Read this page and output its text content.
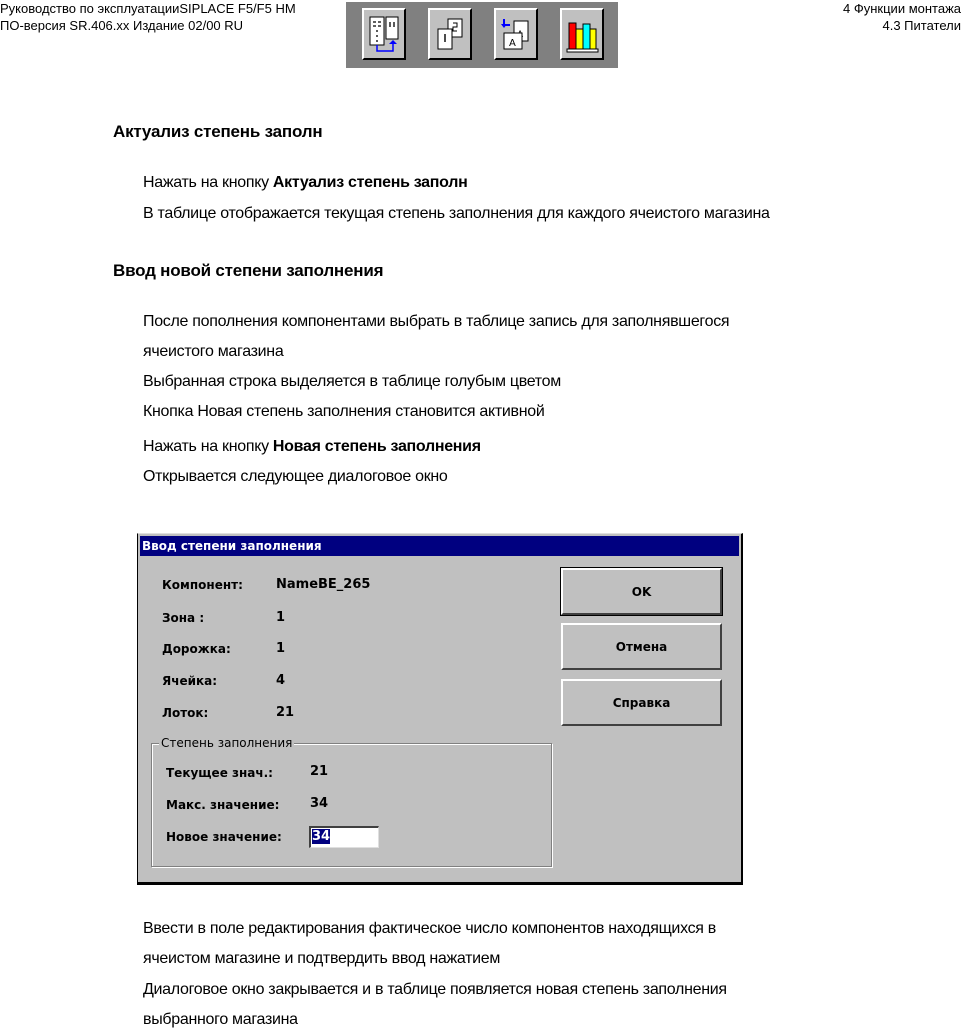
Руководство по эксплуатацииSIPLACE F5/F5 HM
ПО-версия SR.406.xx Издание 02/00 RU
4 Функции монтажа
4.3 Питатели
A
Актуализ степень заполн
Нажать на кнопку Актуализ степень заполн
В таблице отображается текущая степень заполнения для каждого ячеистого магазина
Ввод новой степени заполнения
После пополнения компонентами выбрать в таблице запись для заполнявшегося
ячеистого магазина
Выбранная строка выделяется в таблице голубым цветом
Кнопка Новая степень заполнения становится активной
Нажать на кнопку Новая степень заполнения
Открывается следующее диалоговое окно
Ввод степени заполнения
Компонент:	NameBE_265
Зона :	1
Дорожка:	1
Ячейка:	4
Лоток:	21
Степень заполнения
Текущее знач.:	21
Макс. значение: 34
Новое значение: 34
OK
Отмена
Справка
Ввести в поле редактирования фактическое число компонентов находящихся в
ячеистом магазине и подтвердить ввод нажатием
Диалоговое окно закрывается и в таблице появляется новая степень заполнения
выбранного магазина
